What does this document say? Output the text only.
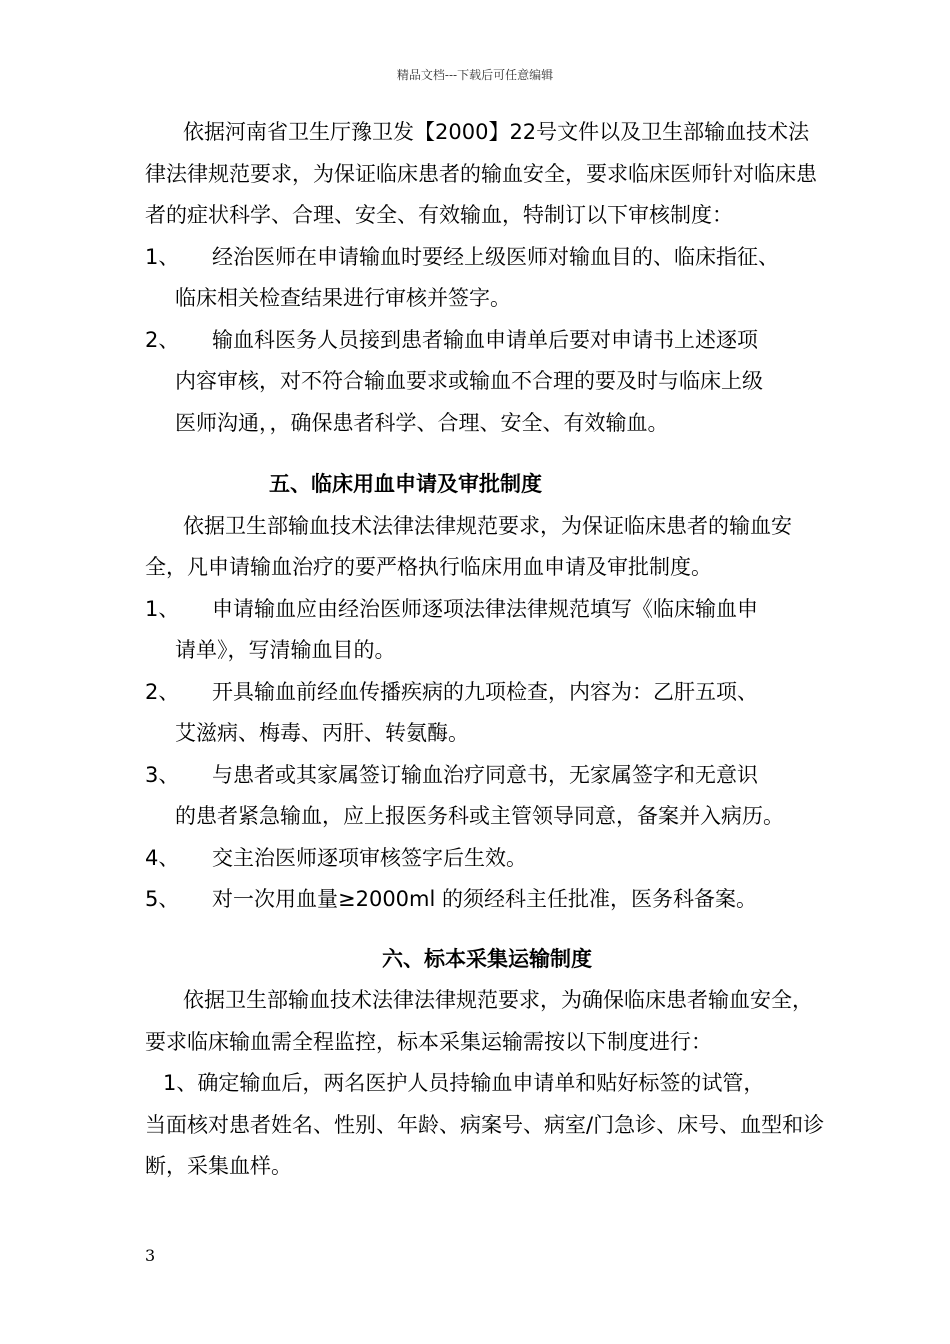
精品文档---下载后可任意编辑

依据河南省卫生厅豫卫发【2000】22号文件以及卫生部输血技术法律法律规范要求，为保证临床患者的输血安全，要求临床医师针对临床患者的症状科学、合理、安全、有效输血，特制订以下审核制度：

1、 经治医师在申请输血时要经上级医师对输血目的、临床指征、
临床相关检查结果进行审核并签字。
2、 输血科医务人员接到患者输血申请单后要对申请书上述逐项
内容审核，对不符合输血要求或输血不合理的要及时与临床上级
医师沟通，，确保患者科学、合理、安全、有效输血。

五、临床用血申请及审批制度

依据卫生部输血技术法律法律规范要求，为保证临床患者的输血安全，凡申请输血治疗的要严格执行临床用血申请及审批制度。

1、 申请输血应由经治医师逐项法律法律规范填写《临床输血申
请单》，写清输血目的。
2、 开具输血前经血传播疾病的九项检查，内容为：乙肝五项、
艾滋病、梅毒、丙肝、转氨酶。
3、 与患者或其家属签订输血治疗同意书，无家属签字和无意识
的患者紧急输血，应上报医务科或主管领导同意，备案并入病历。
4、 交主治医师逐项审核签字后生效。
5、 对一次用血量≥2000ml 的须经科主任批准，医务科备案。

六、标本采集运输制度

依据卫生部输血技术法律法律规范要求，为确保临床患者输血安全，要求临床输血需全程监控，标本采集运输需按以下制度进行：

1、确定输血后，两名医护人员持输血申请单和贴好标签的试管，

当面核对患者姓名、性别、年龄、病案号、病室/门急诊、床号、血型和诊断，采集血样。

3
